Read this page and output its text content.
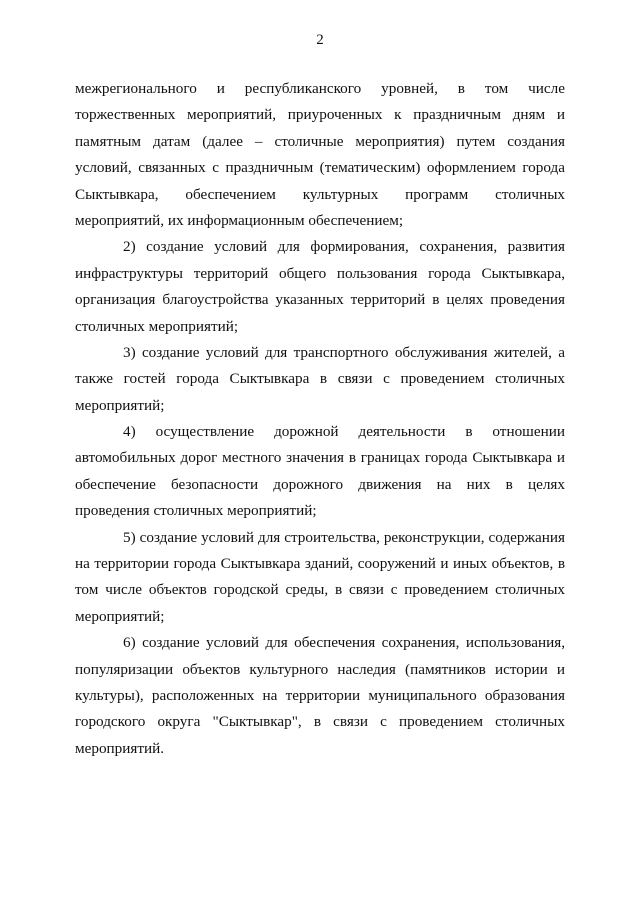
2
межрегионального и республиканского уровней, в том числе
торжественных мероприятий, приуроченных к праздничным дням и
памятным датам (далее – столичные мероприятия) путем создания
условий, связанных с праздничным (тематическим) оформлением города
Сыктывкара, обеспечением культурных программ столичных
мероприятий, их информационным обеспечением;
2) создание условий для формирования, сохранения, развития
инфраструктуры территорий общего пользования города Сыктывкара,
организация благоустройства указанных территорий в целях проведения
столичных мероприятий;
3) создание условий для транспортного обслуживания жителей, а
также гостей города Сыктывкара в связи с проведением столичных
мероприятий;
4) осуществление дорожной деятельности в отношении
автомобильных дорог местного значения в границах города Сыктывкара и
обеспечение безопасности дорожного движения на них в целях
проведения столичных мероприятий;
5) создание условий для строительства, реконструкции, содержания
на территории города Сыктывкара зданий, сооружений и иных объектов, в
том числе объектов городской среды, в связи с проведением столичных
мероприятий;
6) создание условий для обеспечения сохранения, использования,
популяризации объектов культурного наследия (памятников истории и
культуры), расположенных на территории муниципального образования
городского округа "Сыктывкар", в связи с проведением столичных
мероприятий.
